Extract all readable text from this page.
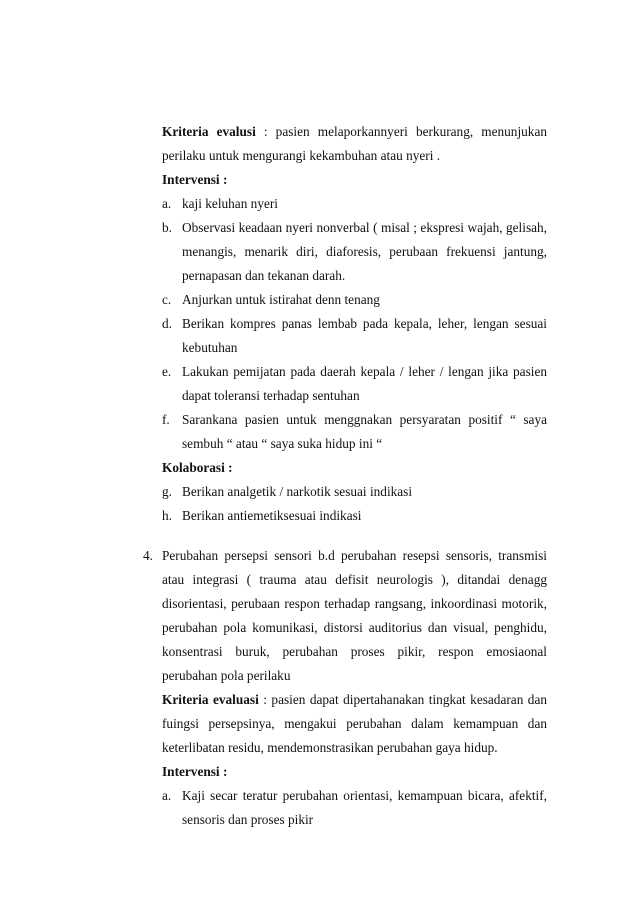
Kriteria evalusi : pasien melaporkannyeri berkurang, menunjukan
perilaku untuk mengurangi kekambuhan atau nyeri .
Intervensi :
a. kaji keluhan nyeri
b. Observasi keadaan nyeri nonverbal ( misal ; ekspresi wajah, gelisah,
menangis, menarik diri, diaforesis, perubaan frekuensi jantung,
pernapasan dan tekanan darah.
c. Anjurkan untuk istirahat denn tenang
d. Berikan kompres panas lembab pada kepala, leher, lengan sesuai
kebutuhan
e. Lakukan pemijatan pada daerah kepala / leher / lengan jika pasien
dapat toleransi terhadap sentuhan
f. Sarankana pasien untuk menggnakan persyaratan positif “ saya
sembuh “ atau “ saya suka hidup ini “
Kolaborasi :
g. Berikan analgetik / narkotik sesuai indikasi
h. Berikan antiemetiksesuai indikasi
4. Perubahan persepsi sensori b.d perubahan resepsi sensoris, transmisi
atau integrasi ( trauma atau defisit neurologis ), ditandai denagg
disorientasi, perubaan respon terhadap rangsang, inkoordinasi motorik,
perubahan pola komunikasi, distorsi auditorius dan visual, penghidu,
konsentrasi buruk, perubahan proses pikir, respon emosiaonal
perubahan pola perilaku
Kriteria evaluasi : pasien dapat dipertahanakan tingkat kesadaran dan
fuingsi persepsinya, mengakui perubahan dalam kemampuan dan
keterlibatan residu, mendemonstrasikan perubahan gaya hidup.
Intervensi :
a. Kaji secar teratur perubahan orientasi, kemampuan bicara, afektif,
sensoris dan proses pikir
